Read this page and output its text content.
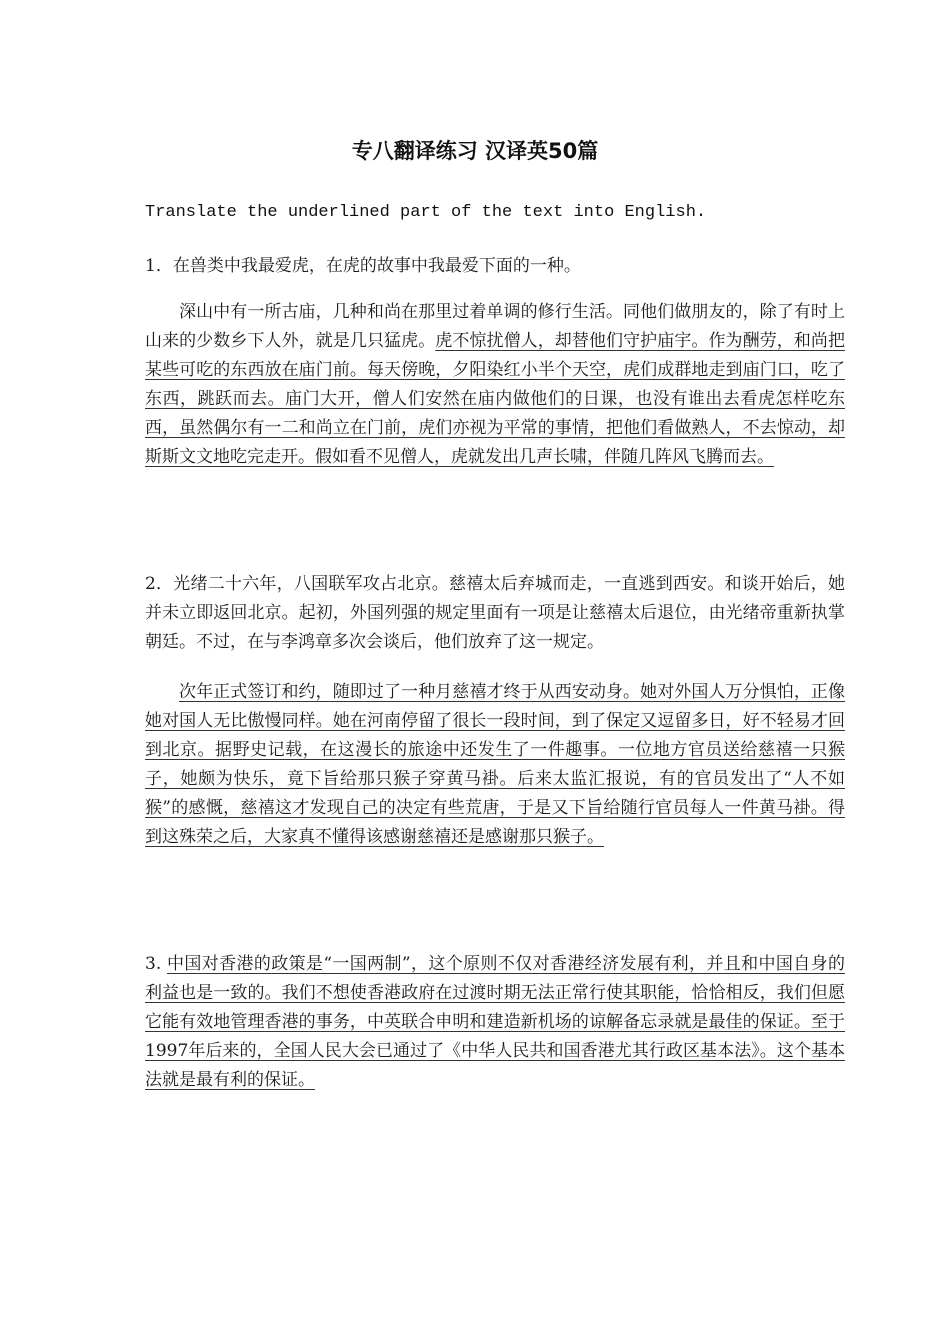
专八翻译练习 汉译英50篇
Translate the underlined part of the text into English.

1．在兽类中我最爱虎，在虎的故事中我最爱下面的一种。

深山中有一所古庙，几种和尚在那里过着单调的修行生活。同他们做朋友的，除了有时上山来的少数乡下人外，就是几只猛虎。虎不惊扰僧人，却替他们守护庙宇。作为酬劳，和尚把某些可吃的东西放在庙门前。每天傍晚，夕阳染红小半个天空，虎们成群地走到庙门口，吃了东西，跳跃而去。庙门大开，僧人们安然在庙内做他们的日课，也没有谁出去看虎怎样吃东西，虽然偶尔有一二和尚立在门前，虎们亦视为平常的事情，把他们看做熟人，不去惊动，却斯斯文文地吃完走开。假如看不见僧人，虎就发出几声长啸，伴随几阵风飞腾而去。

2．光绪二十六年，八国联军攻占北京。慈禧太后弃城而走，一直逃到西安。和谈开始后，她并未立即返回北京。起初，外国列强的规定里面有一项是让慈禧太后退位，由光绪帝重新执掌朝廷。不过，在与李鸿章多次会谈后，他们放弃了这一规定。

次年正式签订和约，随即过了一种月慈禧才终于从西安动身。她对外国人万分惧怕，正像她对国人无比傲慢同样。她在河南停留了很长一段时间，到了保定又逗留多日，好不轻易才回到北京。据野史记载，在这漫长的旅途中还发生了一件趣事。一位地方官员送给慈禧一只猴子，她颇为快乐，竟下旨给那只猴子穿黄马褂。后来太监汇报说，有的官员发出了“人不如猴”的感慨，慈禧这才发现自己的决定有些荒唐，于是又下旨给随行官员每人一件黄马褂。得到这殊荣之后，大家真不懂得该感谢慈禧还是感谢那只猴子。

3. 中国对香港的政策是“一国两制”，这个原则不仅对香港经济发展有利，并且和中国自身的利益也是一致的。我们不想使香港政府在过渡时期无法正常行使其职能，恰恰相反，我们但愿它能有效地管理香港的事务，中英联合申明和建造新机场的谅解备忘录就是最佳的保证。至于1997年后来的，全国人民大会已通过了《中华人民共和国香港尤其行政区基本法》。这个基本法就是最有利的保证。
